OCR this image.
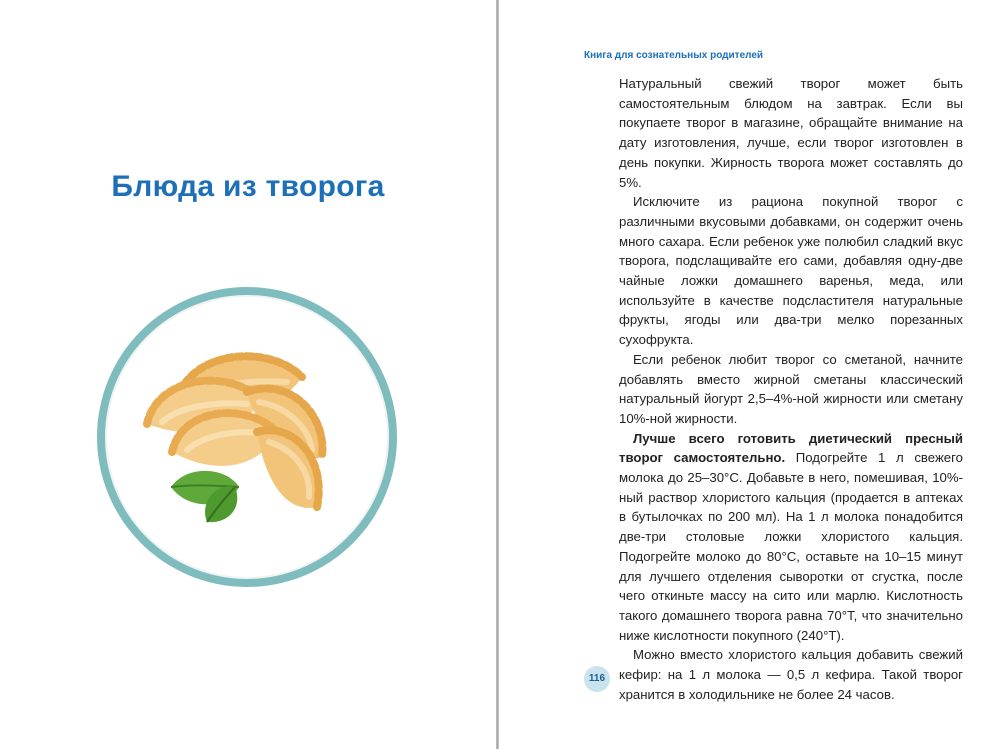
Блюда из творога
Книга для сознательных родителей

Натуральный свежий творог может быть самостоятельным блюдом на завтрак. Если вы покупаете творог в магазине, обращайте внимание на дату изготовления, лучше, если творог изготовлен в день покупки. Жирность творога может составлять до 5%.

Исключите из рациона покупной творог с различными вкусовыми добавками, он содержит очень много сахара. Если ребенок уже полюбил сладкий вкус творога, подслащивайте его сами, добавляя одну-две чайные ложки домашнего варенья, меда, или используйте в качестве подсластителя натуральные фрукты, ягоды или два-три мелко порезанных сухофрукта.

Если ребенок любит творог со сметаной, начните добавлять вместо жирной сметаны классический натуральный йогурт 2,5–4%-ной жирности или сметану 10%-ной жирности.

Лучше всего готовить диетический пресный творог самостоятельно. Подогрейте 1 л свежего молока до 25–30°С. Добавьте в него, помешивая, 10%-ный раствор хлористого кальция (продается в аптеках в бутылочках по 200 мл). На 1 л молока понадобится две-три столовые ложки хлористого кальция. Подогрейте молоко до 80°С, оставьте на 10–15 минут для лучшего отделения сыворотки от сгустка, после чего откиньте массу на сито или марлю. Кислотность такого домашнего творога равна 70°Т, что значительно ниже кислотности покупного (240°Т).

Можно вместо хлористого кальция добавить свежий кефир: на 1 л молока — 0,5 л кефира. Такой творог хранится в холодильнике не более 24 часов.

116
